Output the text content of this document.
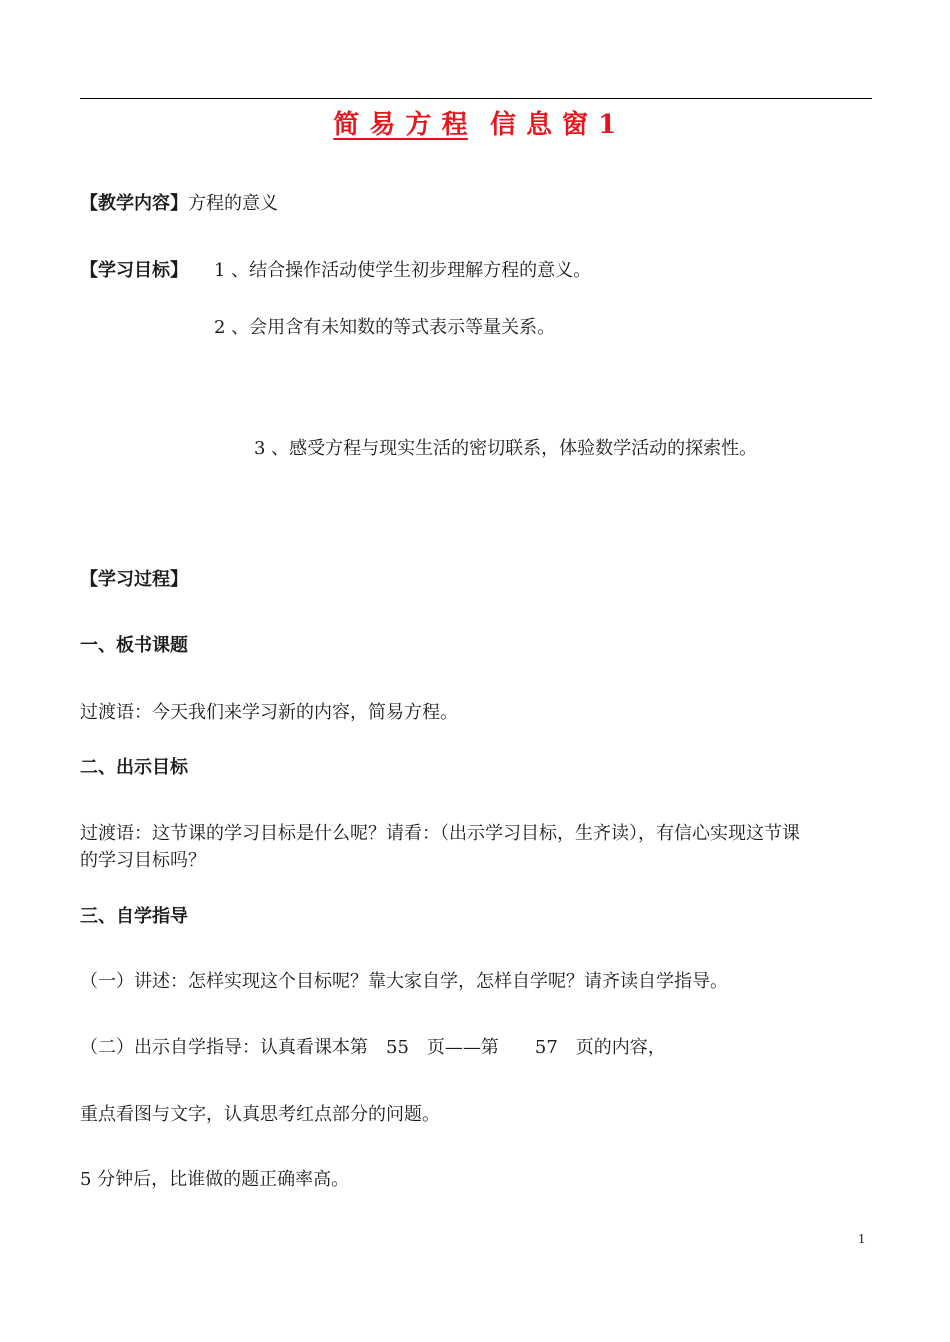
简 易 方 程 信 息 窗 1
【教学内容】方程的意义
【学习目标】 1 、结合操作活动使学生初步理解方程的意义。
2 、会用含有未知数的等式表示等量关系。
3 、感受方程与现实生活的密切联系，体验数学活动的探索性。
【学习过程】
一、板书课题
过渡语：今天我们来学习新的内容，简易方程。
二、出示目标
过渡语：这节课的学习目标是什么呢？请看：（出示学习目标，生齐读），有信心实现这节课
的学习目标吗？
三、自学指导
（一）讲述：怎样实现这个目标呢？靠大家自学，怎样自学呢？请齐读自学指导。
（二）出示自学指导：认真看课本第　55　页——第　　57　页的内容，
重点看图与文字，认真思考红点部分的问题。
5 分钟后，比谁做的题正确率高。
1
